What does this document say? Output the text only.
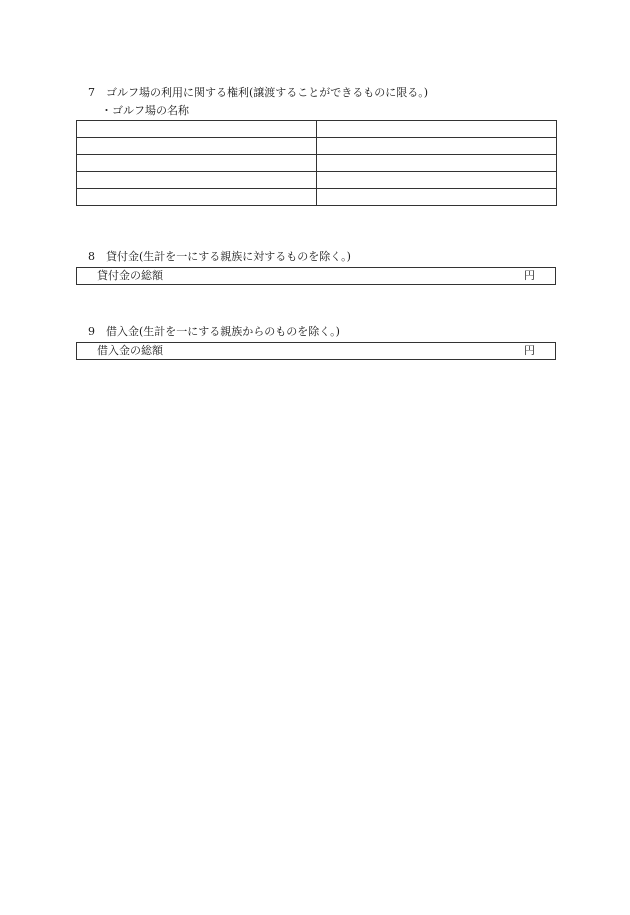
7 ゴルフ場の利用に関する権利(譲渡することができるものに限る。)
・ゴルフ場の名称

8 貸付金(生計を一にする親族に対するものを除く。)
貸付金の総額	円
9 借入金(生計を一にする親族からのものを除く。)
借入金の総額	円
